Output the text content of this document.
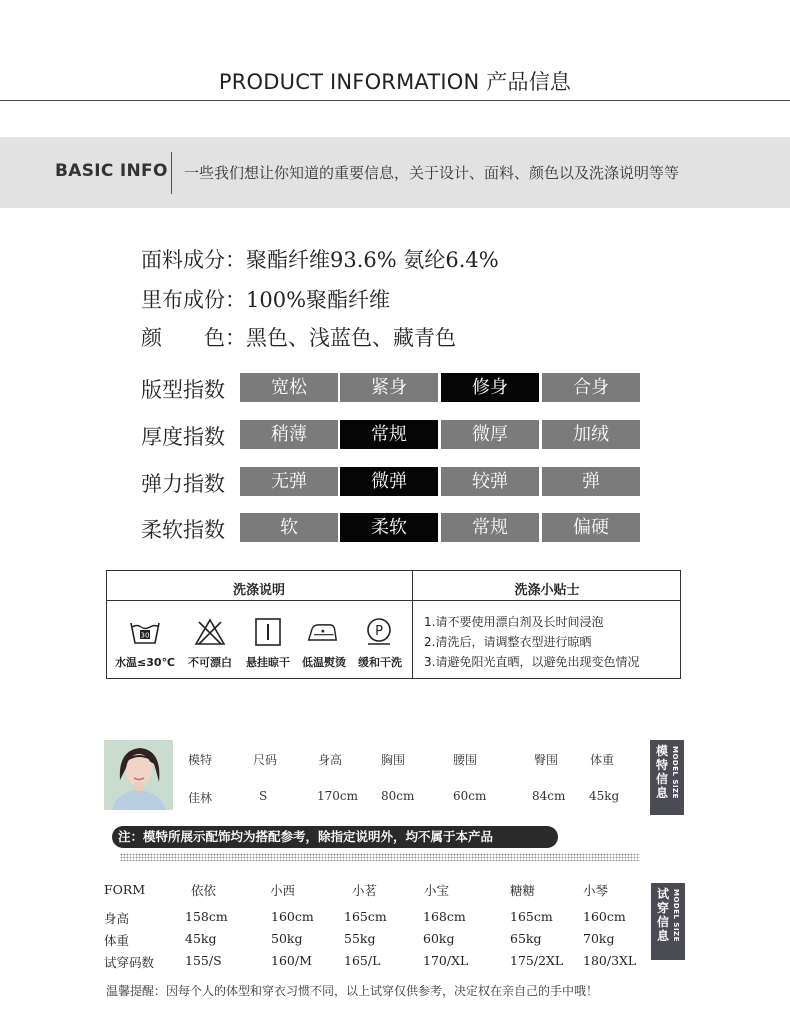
PRODUCT INFORMATION 产品信息
BASIC INFO 一些我们想让你知道的重要信息，关于设计、面料、颜色以及洗涤说明等等
面料成分：聚酯纤维93.6% 氨纶6.4%
里布成份：100%聚酯纤维
颜　　色：黑色、浅蓝色、藏青色
版型指数	宽松	紧身	修身	合身
厚度指数	稍薄	常规	微厚	加绒
弹力指数	无弹	微弹	较弹	弹
柔软指数	软	柔软	常规	偏硬
洗涤说明	洗涤小贴士
30	P
水温≤30℃	不可漂白	悬挂晾干	低温熨烫	缓和干洗
1.请不要使用漂白剂及长时间浸泡
2.清洗后，请调整衣型进行晾晒
3.请避免阳光直晒，以避免出现变色情况
模特	尺码	身高	胸围	腰围	臀围	体重
佳林	S	170cm 80cm	60cm	84cm 45kg
模特信息 MODEL SIZE
注：模特所展示配饰均为搭配参考，除指定说明外，均不属于本产品
FORM	依依	小西	小茗	小宝	糖糖	小琴
身高	158cm	160cm 165cm	168cm	165cm 160cm
体重	45kg	50kg	55kg	60kg	65kg	70kg
试穿码数 155/S	160/M	165/L	170/XL	175/2XL 180/3XL
试穿信息 MODEL SIZE
温馨提醒：因每个人的体型和穿衣习惯不同，以上试穿仅供参考，决定权在亲自己的手中哦！
